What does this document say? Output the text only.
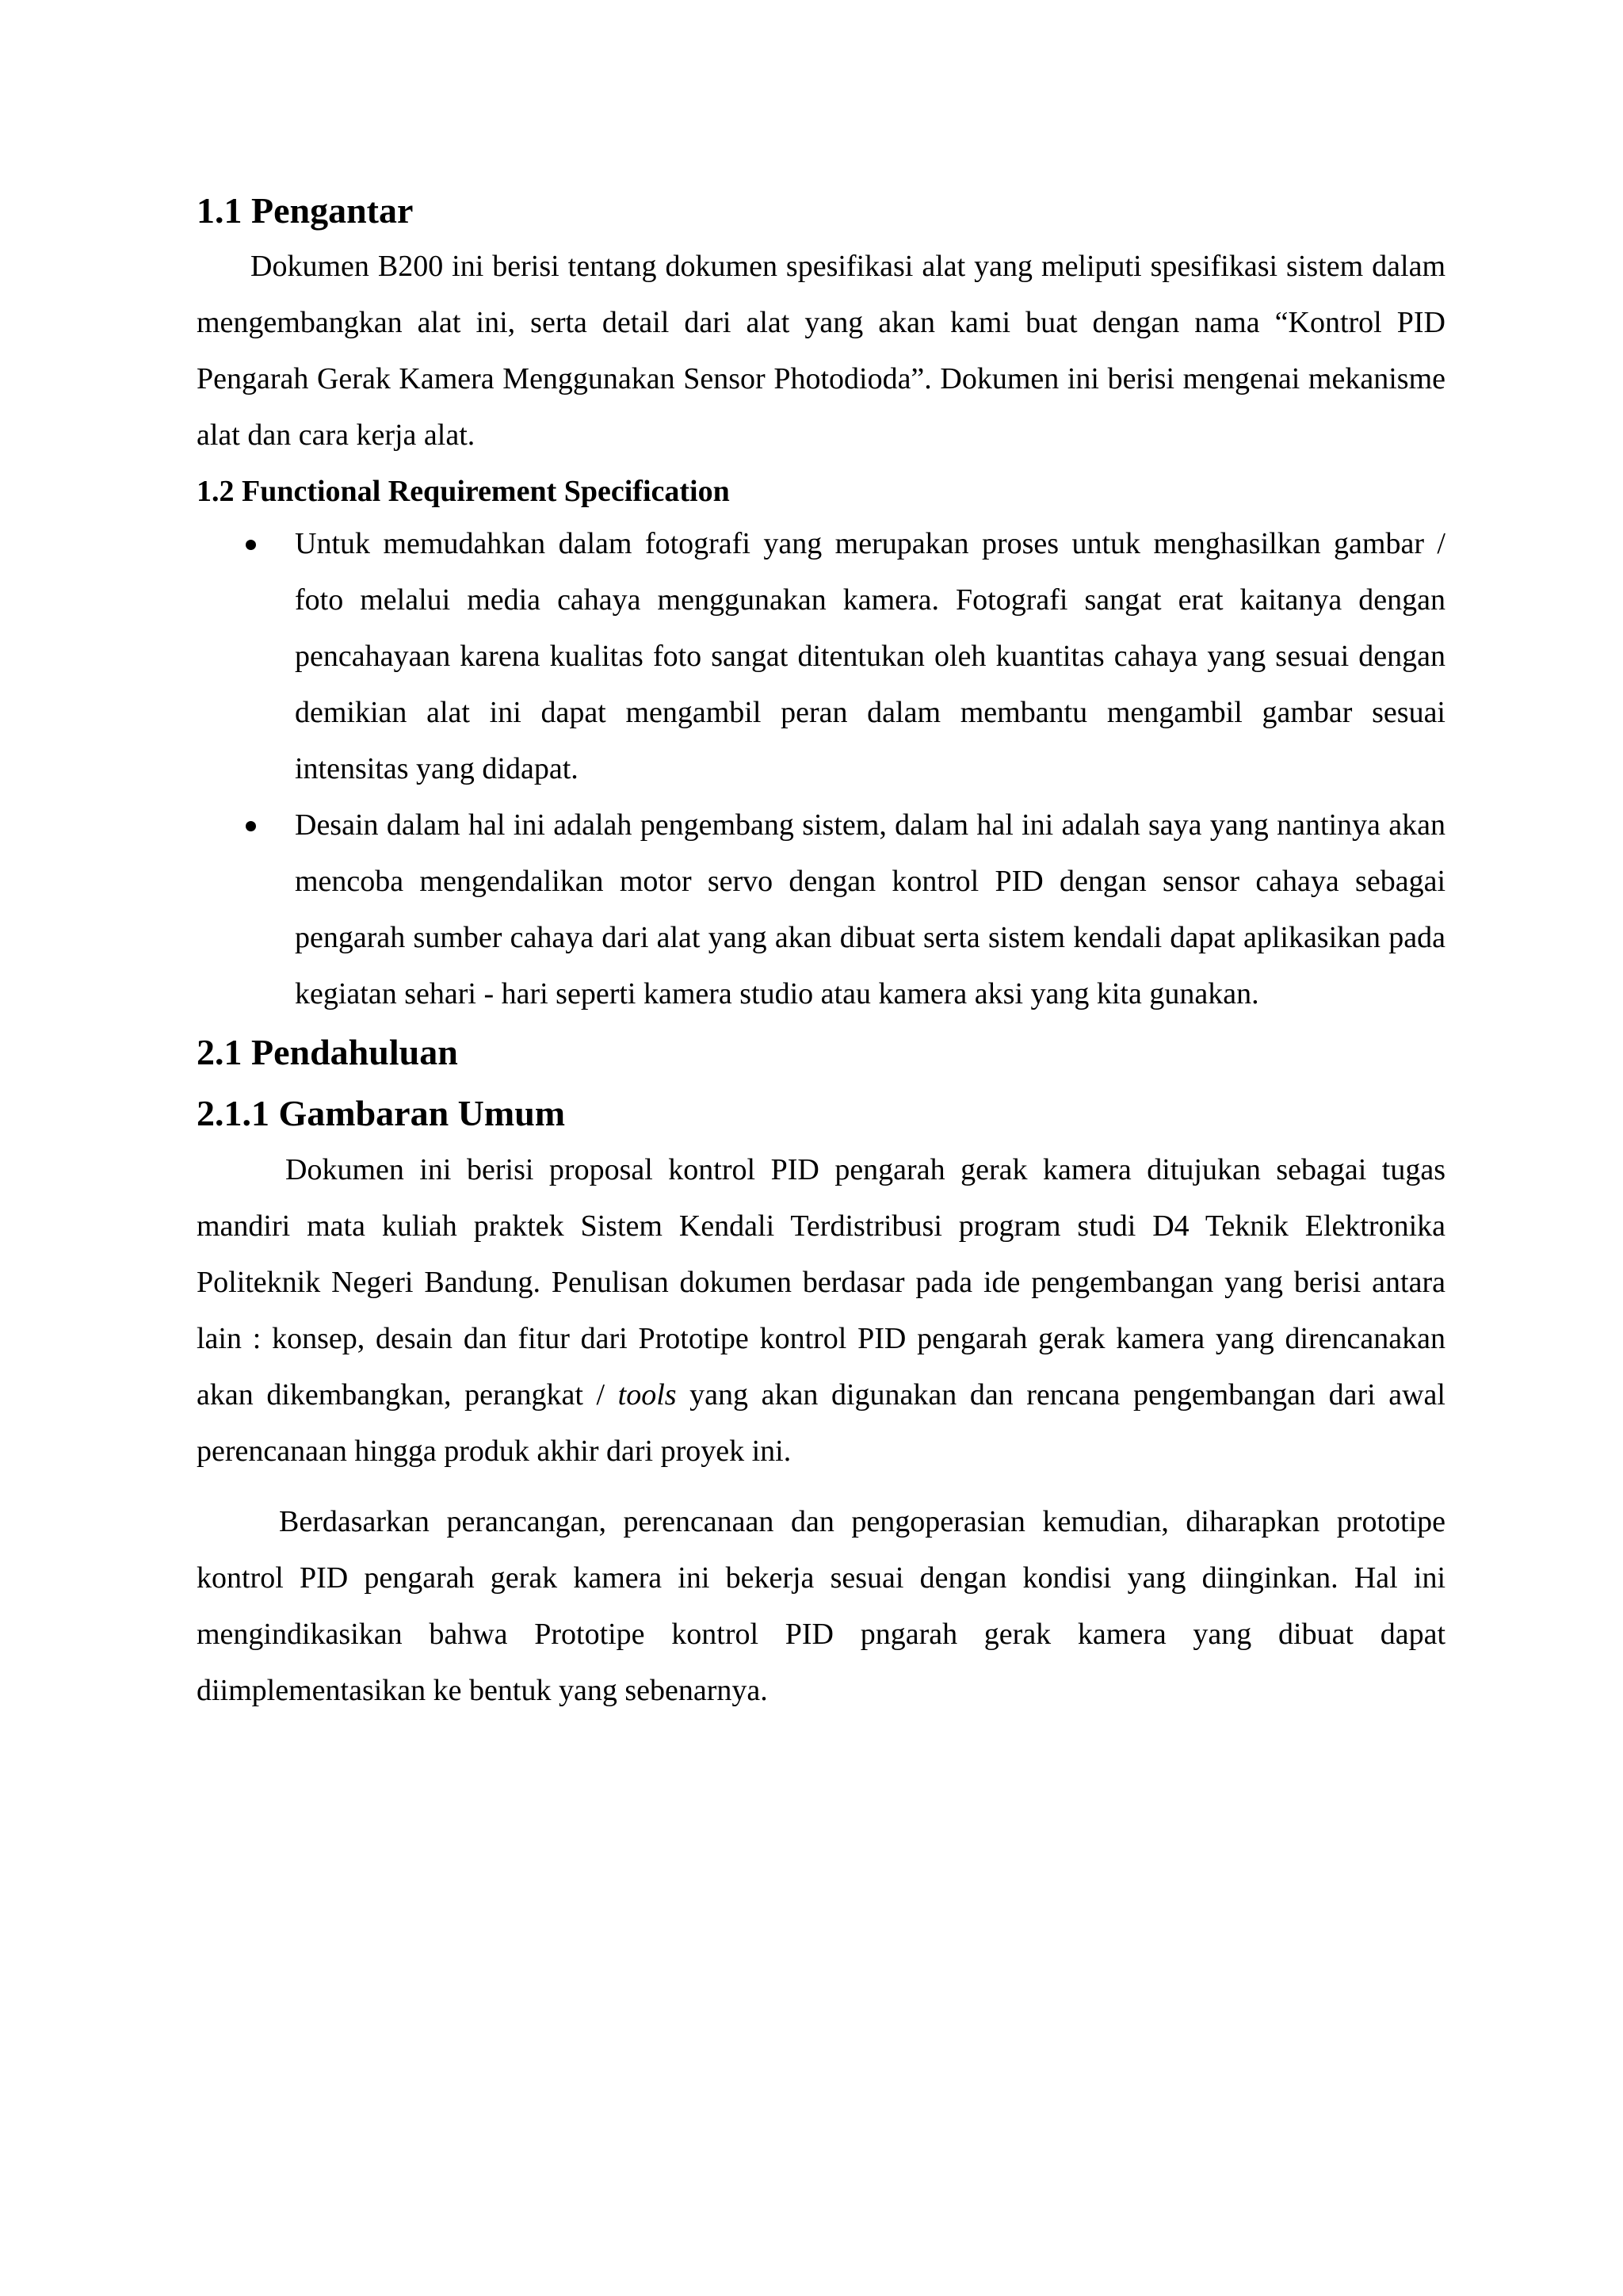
1.1 Pengantar

Dokumen B200 ini berisi tentang dokumen spesifikasi alat yang meliputi spesifikasi sistem dalam mengembangkan alat ini, serta detail dari alat yang akan kami buat dengan nama “Kontrol PID Pengarah Gerak Kamera Menggunakan Sensor Photodioda”. Dokumen ini berisi mengenai mekanisme alat dan cara kerja alat.

1.2 Functional Requirement Specification
Untuk memudahkan dalam fotografi yang merupakan proses untuk menghasilkan gambar / foto melalui media cahaya menggunakan kamera. Fotografi sangat erat kaitanya dengan pencahayaan karena kualitas foto sangat ditentukan oleh kuantitas cahaya yang sesuai dengan demikian alat ini dapat mengambil peran dalam membantu mengambil gambar sesuai intensitas yang didapat.
Desain dalam hal ini adalah pengembang sistem, dalam hal ini adalah saya yang nantinya akan mencoba mengendalikan motor servo dengan kontrol PID dengan sensor cahaya sebagai pengarah sumber cahaya dari alat yang akan dibuat serta sistem kendali dapat aplikasikan pada kegiatan sehari - hari seperti kamera studio atau kamera aksi yang kita gunakan.
2.1 Pendahuluan
2.1.1 Gambaran Umum

Dokumen ini berisi proposal kontrol PID pengarah gerak kamera ditujukan sebagai tugas mandiri mata kuliah praktek Sistem Kendali Terdistribusi program studi D4 Teknik Elektronika Politeknik Negeri Bandung. Penulisan dokumen berdasar pada ide pengembangan yang berisi antara lain : konsep, desain dan fitur dari Prototipe kontrol PID pengarah gerak kamera yang direncanakan akan dikembangkan, perangkat / tools yang akan digunakan dan rencana pengembangan dari awal perencanaan hingga produk akhir dari proyek ini.

Berdasarkan perancangan, perencanaan dan pengoperasian kemudian, diharapkan prototipe kontrol PID pengarah gerak kamera ini bekerja sesuai dengan kondisi yang diinginkan. Hal ini mengindikasikan bahwa Prototipe kontrol PID pngarah gerak kamera yang dibuat dapat diimplementasikan ke bentuk yang sebenarnya.
